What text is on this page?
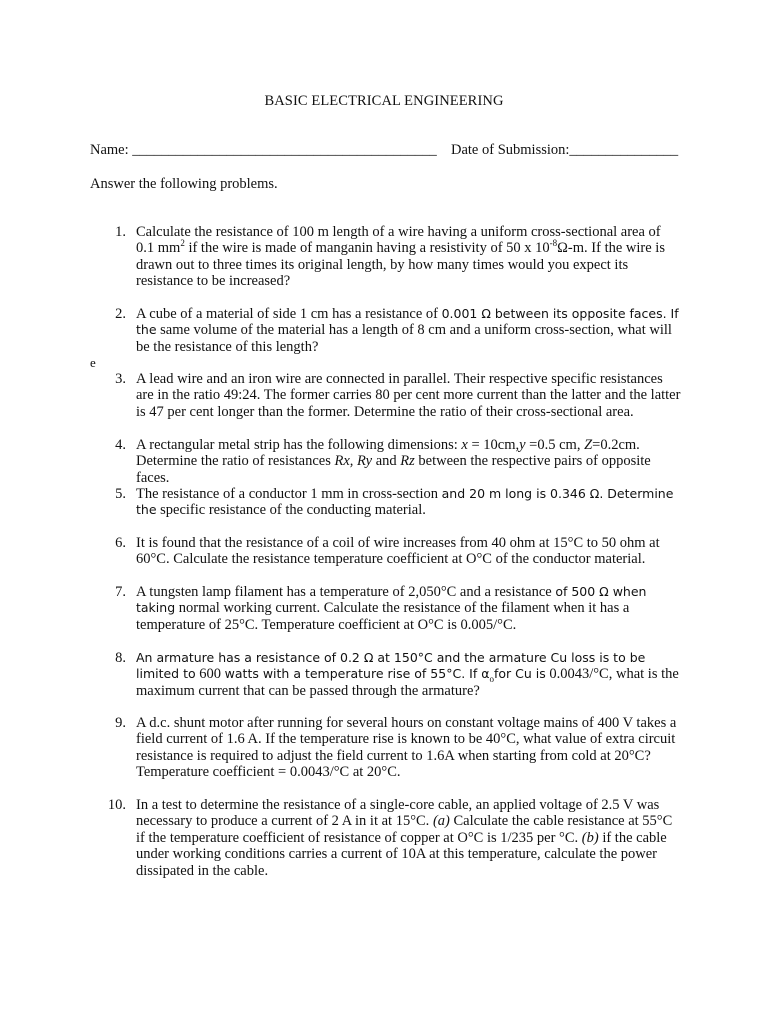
BASIC ELECTRICAL ENGINEERING
Name: __________________________________________ Date of Submission:_______________
Answer the following problems.
e
1. Calculate the resistance of 100 m length of a wire having a uniform cross-sectional area of 0.1 $mm^2$ if the wire is made of manganin having a resistivity of 50 x $10^{-8}\Omega-m$. If the wire is drawn out to three times its original length, by how many times would you expect its resistance to be increased?
2. A cube of a material of side 1 cm has a resistance of 0.001 Ω between its opposite faces. If the same volume of the material has a length of 8 cm and a uniform cross-section, what will be the resistance of this length?
3. A lead wire and an iron wire are connected in parallel. Their respective specific resistances are in the ratio 49:24. The former carries 80 per cent more current than the latter and the latter is 47 per cent longer than the former. Determine the ratio of their cross-sectional area.
4. A rectangular metal strip has the following dimensions: x = 10cm,y =0.5 cm, Z=0.2cm. Determine the ratio of resistances Rx, Ry and Rz between the respective pairs of opposite faces.
5. The resistance of a conductor 1 mm in cross-section and 20 m long is 0.346 Ω. Determine the specific resistance of the conducting material.
6. It is found that the resistance of a coil of wire increases from 40 ohm at 15°C to 50 ohm at 60°C. Calculate the resistance temperature coefficient at O°C of the conductor material.
7. A tungsten lamp filament has a temperature of 2,050°C and a resistance of 500 Ω when taking normal working current. Calculate the resistance of the filament when it has a temperature of 25°C. Temperature coefficient at O°C is 0.005/°C.
8. An armature has a resistance of 0.2 Ω at 150°C and the armature Cu loss is to be limited to 600 watts with a temperature rise of 55°C. If $\alpha_ofor$ Cu is 0.0043/°C, what is the maximum current that can be passed through the armature?
9. A d.c. shunt motor after running for several hours on constant voltage mains of 400 V takes a field current of 1.6 A. If the temperature rise is known to be 40°C, what value of extra circuit resistance is required to adjust the field current to 1.6A when starting from cold at 20°C? Temperature coefficient = 0.0043/°C at 20°C.
10. In a test to determine the resistance of a single-core cable, an applied voltage of 2.5 V was necessary to produce a current of 2 A in it at 15°C. (a) Calculate the cable resistance at 55°C if the temperature coefficient of resistance of copper at O°C is 1/235 per °C. (b) if the cable under working conditions carries a current of 10A at this temperature, calculate the power dissipated in the cable.
